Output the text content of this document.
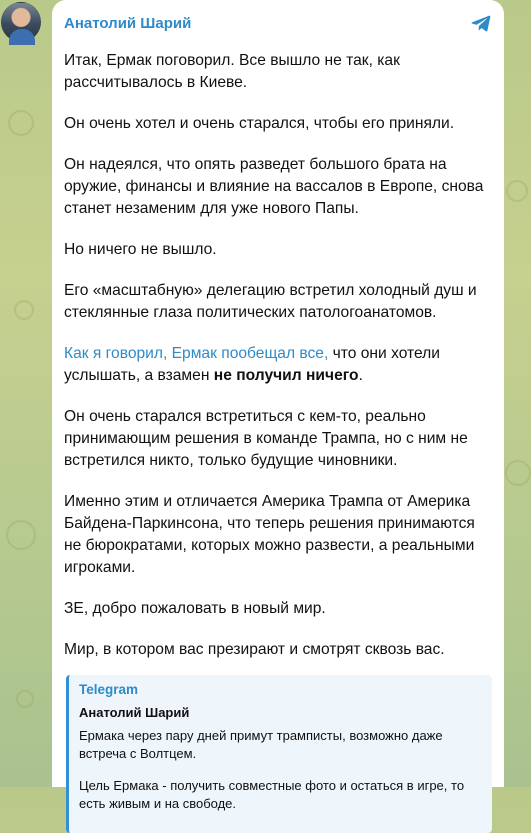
Анатолий Шарий

Итак, Ермак поговорил. Все вышло не так, как рассчитывалось в Киеве.

Он очень хотел и очень старался, чтобы его приняли.

Он надеялся, что опять разведет большого брата на оружие, финансы и влияние на вассалов в Европе, снова станет незаменим для уже нового Папы.

Но ничего не вышло.

Его «масштабную» делегацию встретил холодный душ и стеклянные глаза политических патологоанатомов.

Как я говорил, Ермак пообещал все, что они хотели услышать, а взамен не получил ничего.

Он очень старался встретиться с кем-то, реально принимающим решения в команде Трампа, но с ним не встретился никто, только будущие чиновники.

Именно этим и отличается Америка Трампа от Америка Байдена-Паркинсона, что теперь решения принимаются не бюрократами, которых можно развести, а реальными игроками.

ЗЕ, добро пожаловать в новый мир.

Мир, в котором вас презирают и смотрят сквозь вас.

Telegram
Анатолий Шарий

Ермака через пару дней примут трамписты, возможно даже встреча с Волтцем.

Цель Ермака - получить совместные фото и остаться в игре, то есть живым и на свободе.
